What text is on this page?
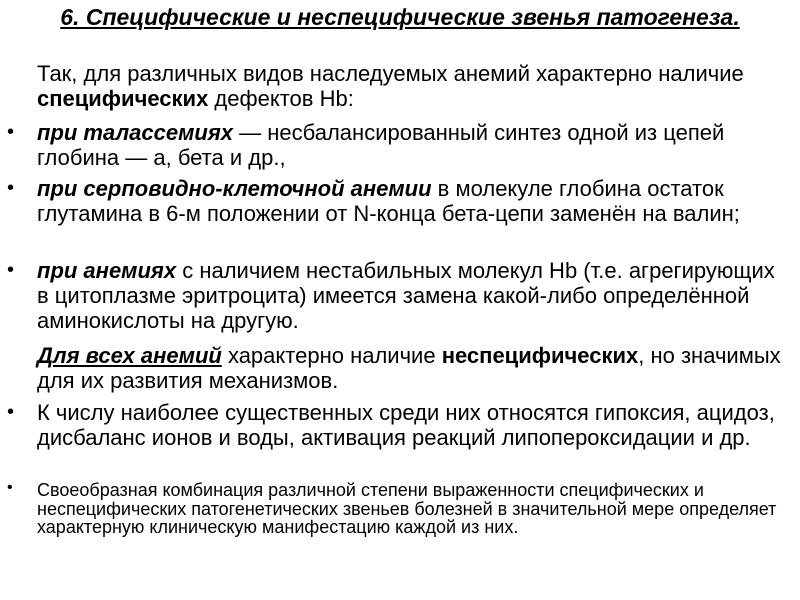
6. Специфические и неспецифические звенья патогенеза.

Так, для различных видов наследуемых анемий характерно наличие специфических дефектов Hb:

• при талассемиях — несбалансированный синтез одной из цепей глобина — а, бета и др.,

• при серповидно-клеточной анемии в молекуле глобина остаток глутамина в 6-м положении от N-конца бета-цепи заменён на валин;

• при анемиях с наличием нестабильных молекул Hb (т.е. агрегирующих в цитоплазме эритроцита) имеется замена какой-либо определённой аминокислоты на другую.

Для всех анемий характерно наличие неспецифических, но значимых для их развития механизмов.

• К числу наиболее существенных среди них относятся гипоксия, ацидоз, дисбаланс ионов и воды, активация реакций липопероксидации и др.

• Своеобразная комбинация различной степени выраженности специфических и неспецифических патогенетических звеньев болезней в значительной мере определяет характерную клиническую манифестацию каждой из них.
